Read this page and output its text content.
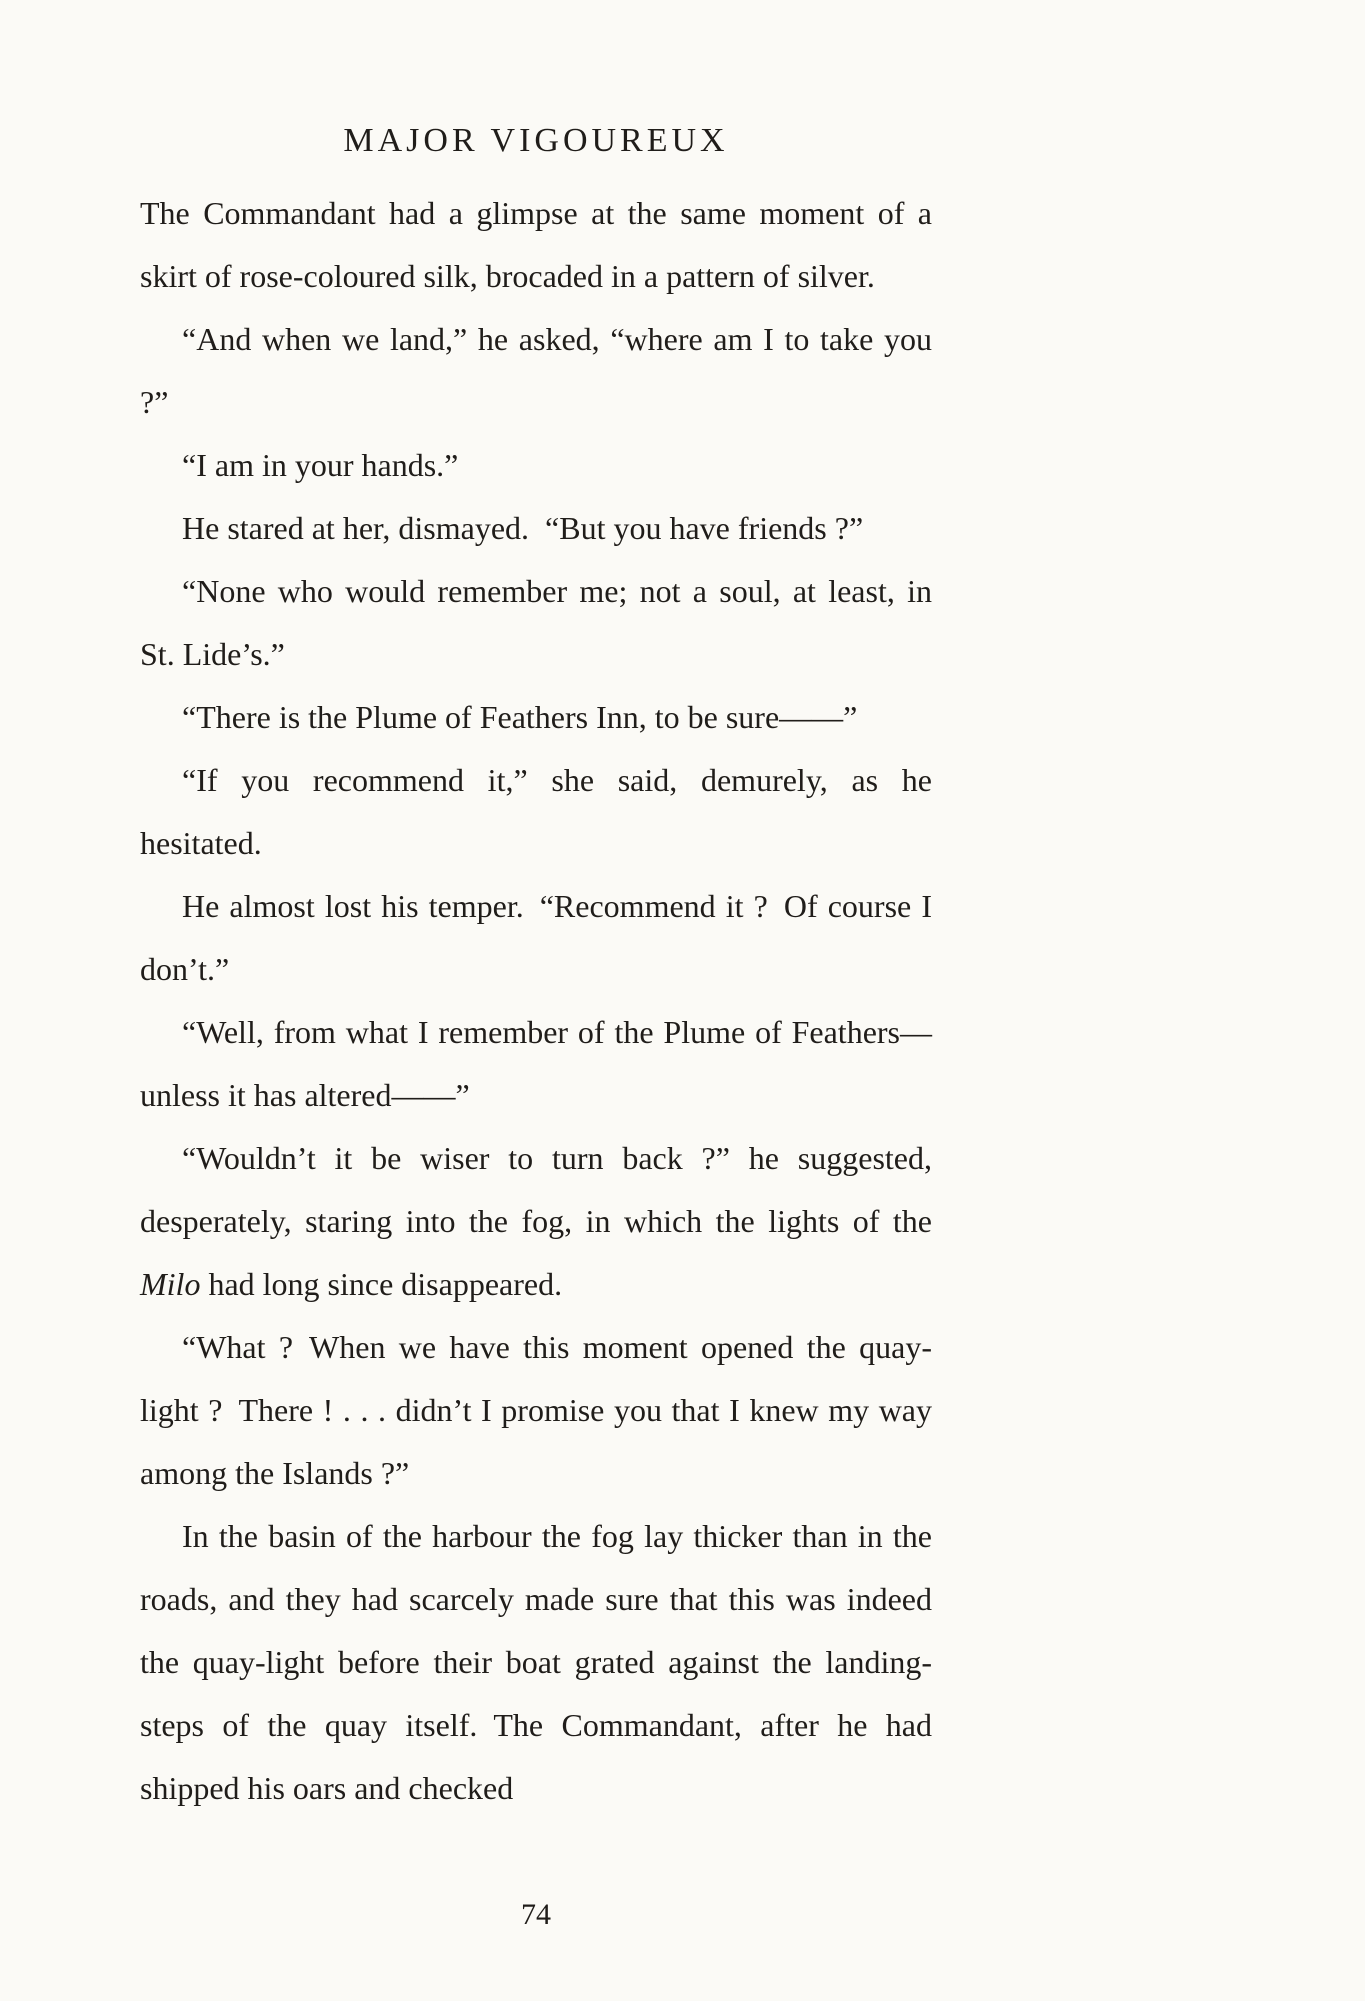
MAJOR VIGOUREUX

The Commandant had a glimpse at the same moment of a skirt of rose-coloured silk, brocaded in a pattern of silver.

“And when we land,” he asked, “where am I to take you ?”

“I am in your hands.”

He stared at her, dismayed. “But you have friends ?”

“None who would remember me; not a soul, at least, in St. Lide’s.”

“There is the Plume of Feathers Inn, to be sure——”

“If you recommend it,” she said, demurely, as he hesitated.

He almost lost his temper. “Recommend it ? Of course I don’t.”

“Well, from what I remember of the Plume of Feathers—unless it has altered——”

“Wouldn’t it be wiser to turn back ?” he suggested, desperately, staring into the fog, in which the lights of the Milo had long since disappeared.

“What ? When we have this moment opened the quay-light ? There ! . . . didn’t I promise you that I knew my way among the Islands ?”

In the basin of the harbour the fog lay thicker than in the roads, and they had scarcely made sure that this was indeed the quay-light before their boat grated against the landing-steps of the quay itself. The Commandant, after he had shipped his oars and checked

74
